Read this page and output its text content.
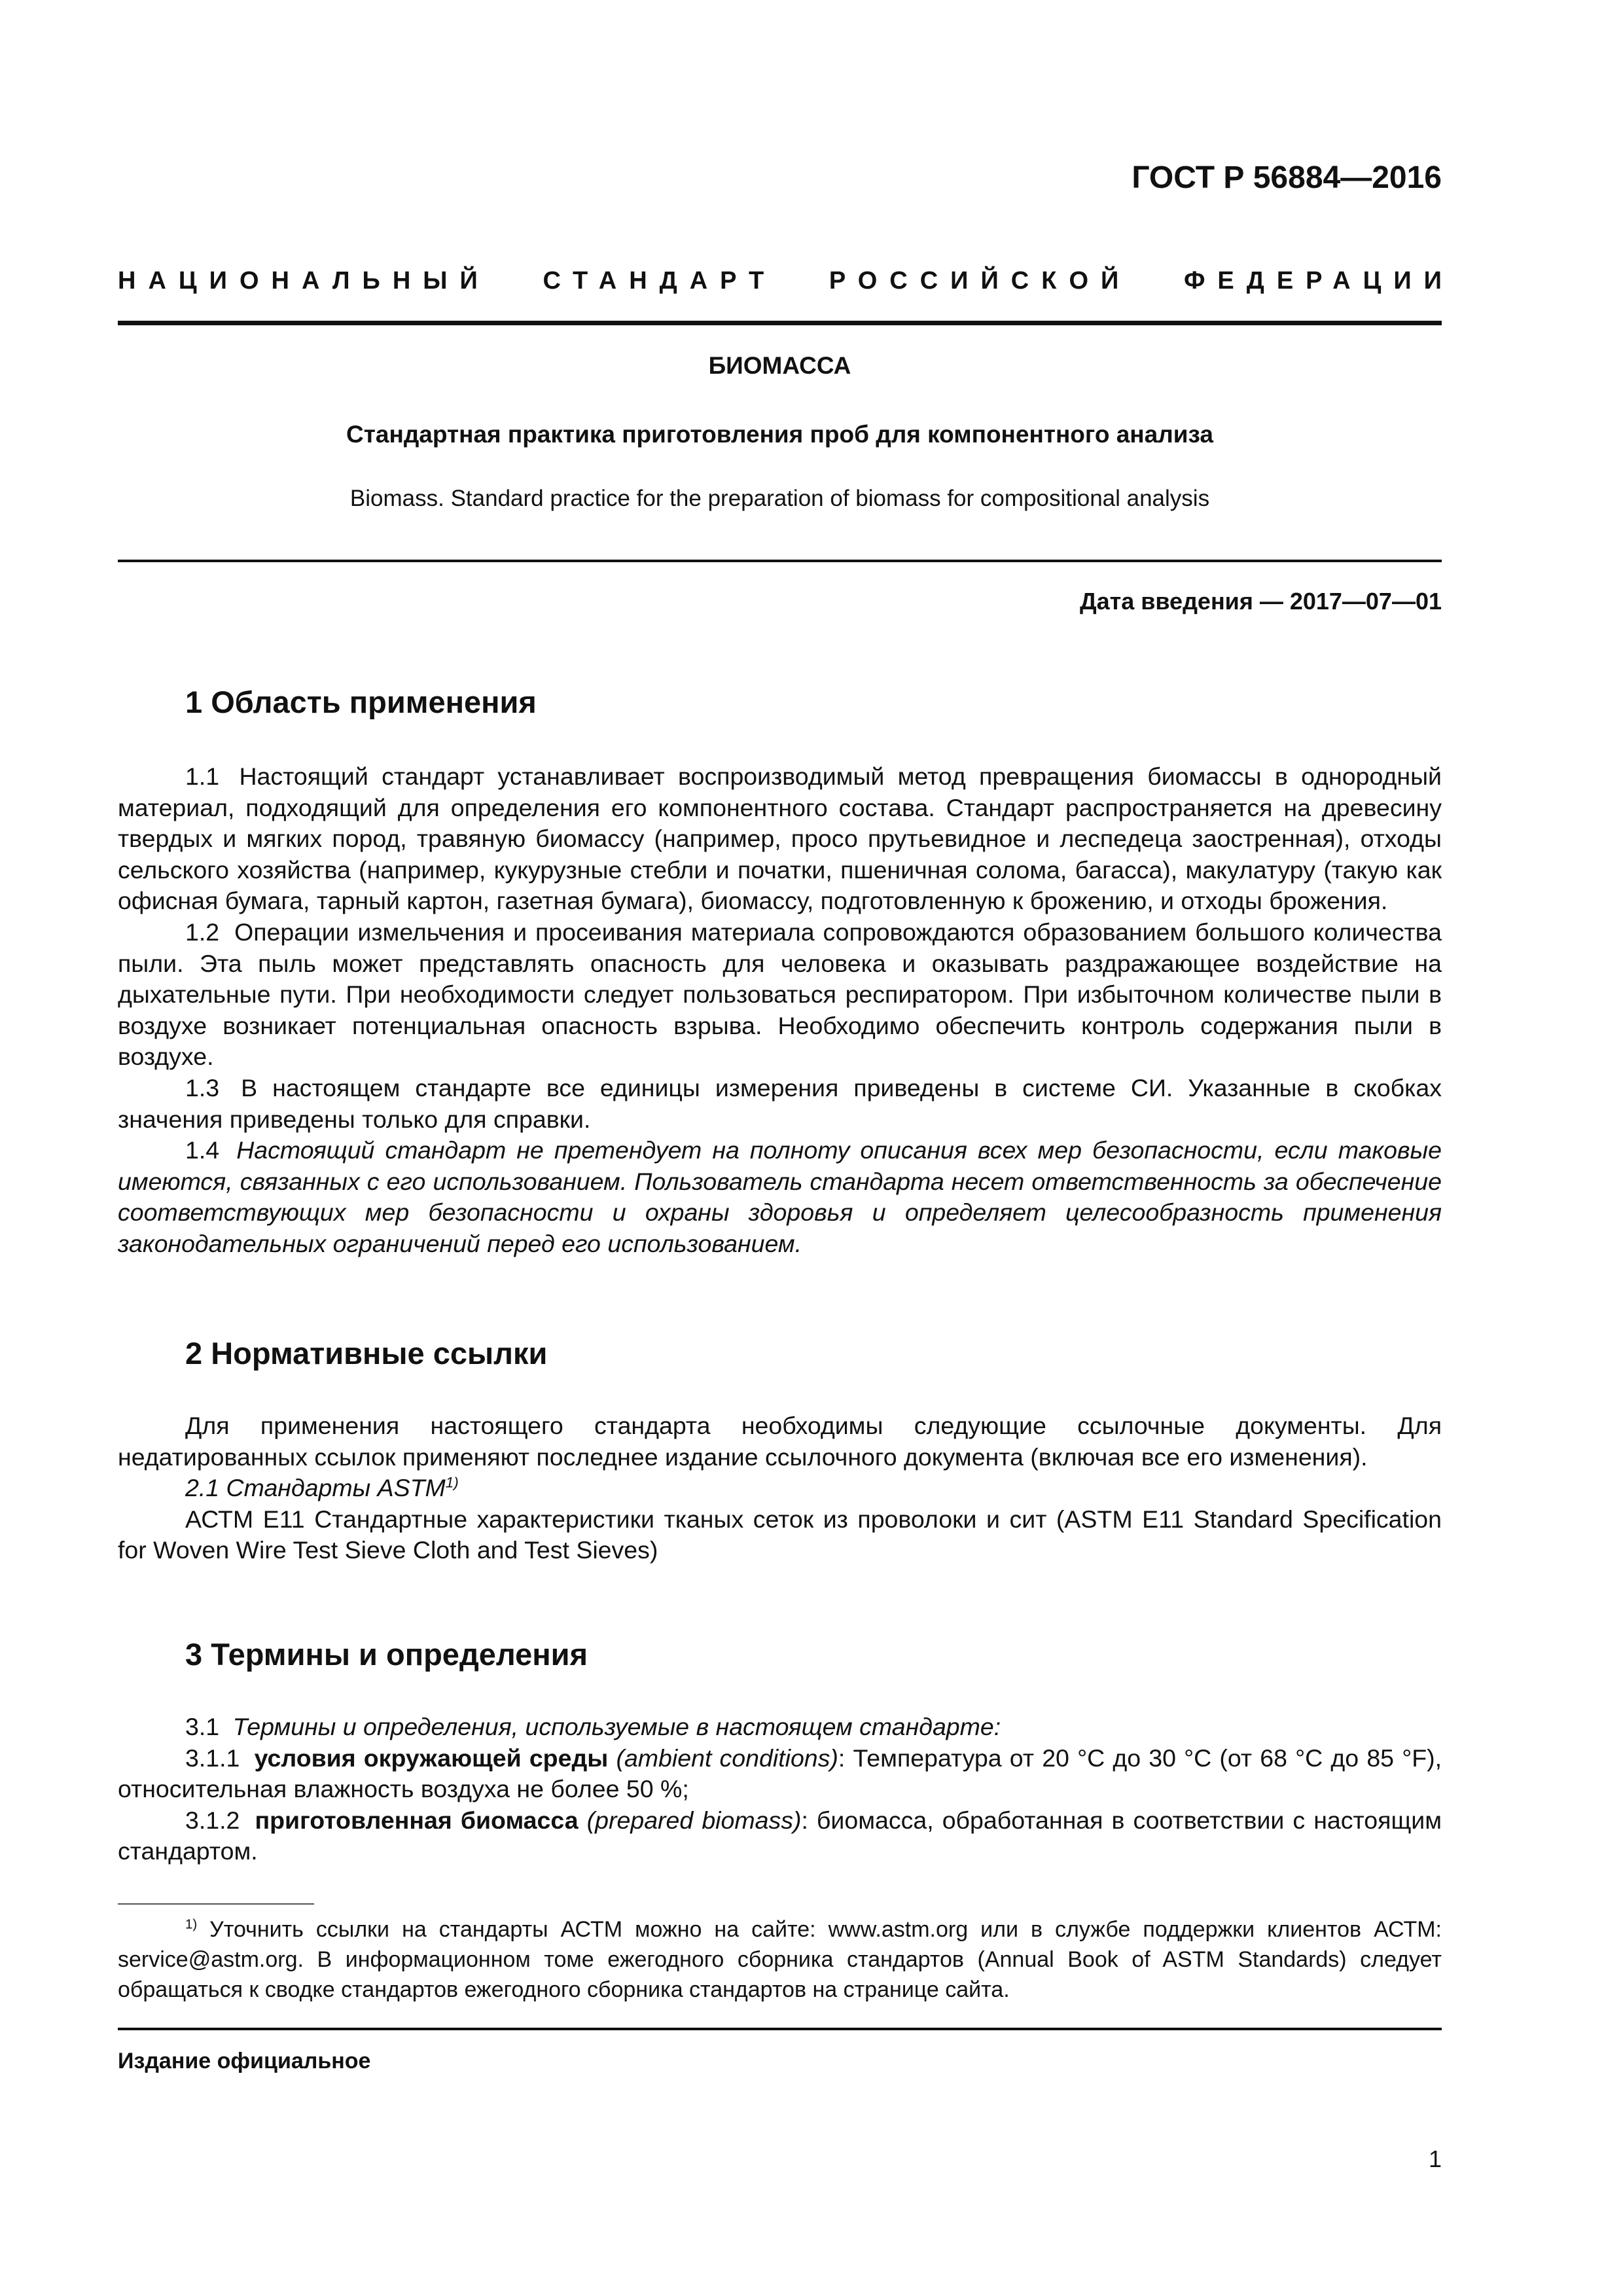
ГОСТ Р 56884—2016
НАЦИОНАЛЬНЫЙ СТАНДАРТ РОССИЙСКОЙ ФЕДЕРАЦИИ
БИОМАССА
Стандартная практика приготовления проб для компонентного анализа
Biomass. Standard practice for the preparation of biomass for compositional analysis
Дата введения — 2017—07—01
1 Область применения

1.1 Настоящий стандарт устанавливает воспроизводимый метод превращения биомассы в однородный материал, подходящий для определения его компонентного состава. Стандарт распространяется на древесину твердых и мягких пород, травяную биомассу (например, просо прутьевидное и леспедеца заостренная), отходы сельского хозяйства (например, кукурузные стебли и початки, пшеничная солома, багасса), макулатуру (такую как офисная бумага, тарный картон, газетная бумага), биомассу, подготовленную к брожению, и отходы брожения.

1.2 Операции измельчения и просеивания материала сопровождаются образованием большого количества пыли. Эта пыль может представлять опасность для человека и оказывать раздражающее воздействие на дыхательные пути. При необходимости следует пользоваться респиратором. При избыточном количестве пыли в воздухе возникает потенциальная опасность взрыва. Необходимо обеспечить контроль содержания пыли в воздухе.

1.3 В настоящем стандарте все единицы измерения приведены в системе СИ. Указанные в скобках значения приведены только для справки.

1.4 Настоящий стандарт не претендует на полноту описания всех мер безопасности, если таковые имеются, связанных с его использованием. Пользователь стандарта несет ответственность за обеспечение соответствующих мер безопасности и охраны здоровья и определяет целесообразность применения законодательных ограничений перед его использованием.

2 Нормативные ссылки

Для применения настоящего стандарта необходимы следующие ссылочные документы. Для недатированных ссылок применяют последнее издание ссылочного документа (включая все его изменения).

2.1 Стандарты ASTM$^{1)}$

АСТМ Е11 Стандартные характеристики тканых сеток из проволоки и сит (ASTM E11 Standard Specification for Woven Wire Test Sieve Cloth and Test Sieves)

3 Термины и определения

3.1 Термины и определения, используемые в настоящем стандарте:

3.1.1 условия окружающей среды (ambient conditions): Температура от 20 °С до 30 °С (от 68 °С до 85 °F), относительная влажность воздуха не более 50 %;

3.1.2 приготовленная биомасса (prepared biomass): биомасса, обработанная в соответствии с настоящим стандартом.

$^{1)}$ Уточнить ссылки на стандарты АСТМ можно на сайте: www.astm.org или в службе поддержки клиентов АСТМ: service@astm.org. В информационном томе ежегодного сборника стандартов (Annual Book of ASTM Standards) следует обращаться к сводке стандартов ежегодного сборника стандартов на странице сайта.

Издание официальное
1
